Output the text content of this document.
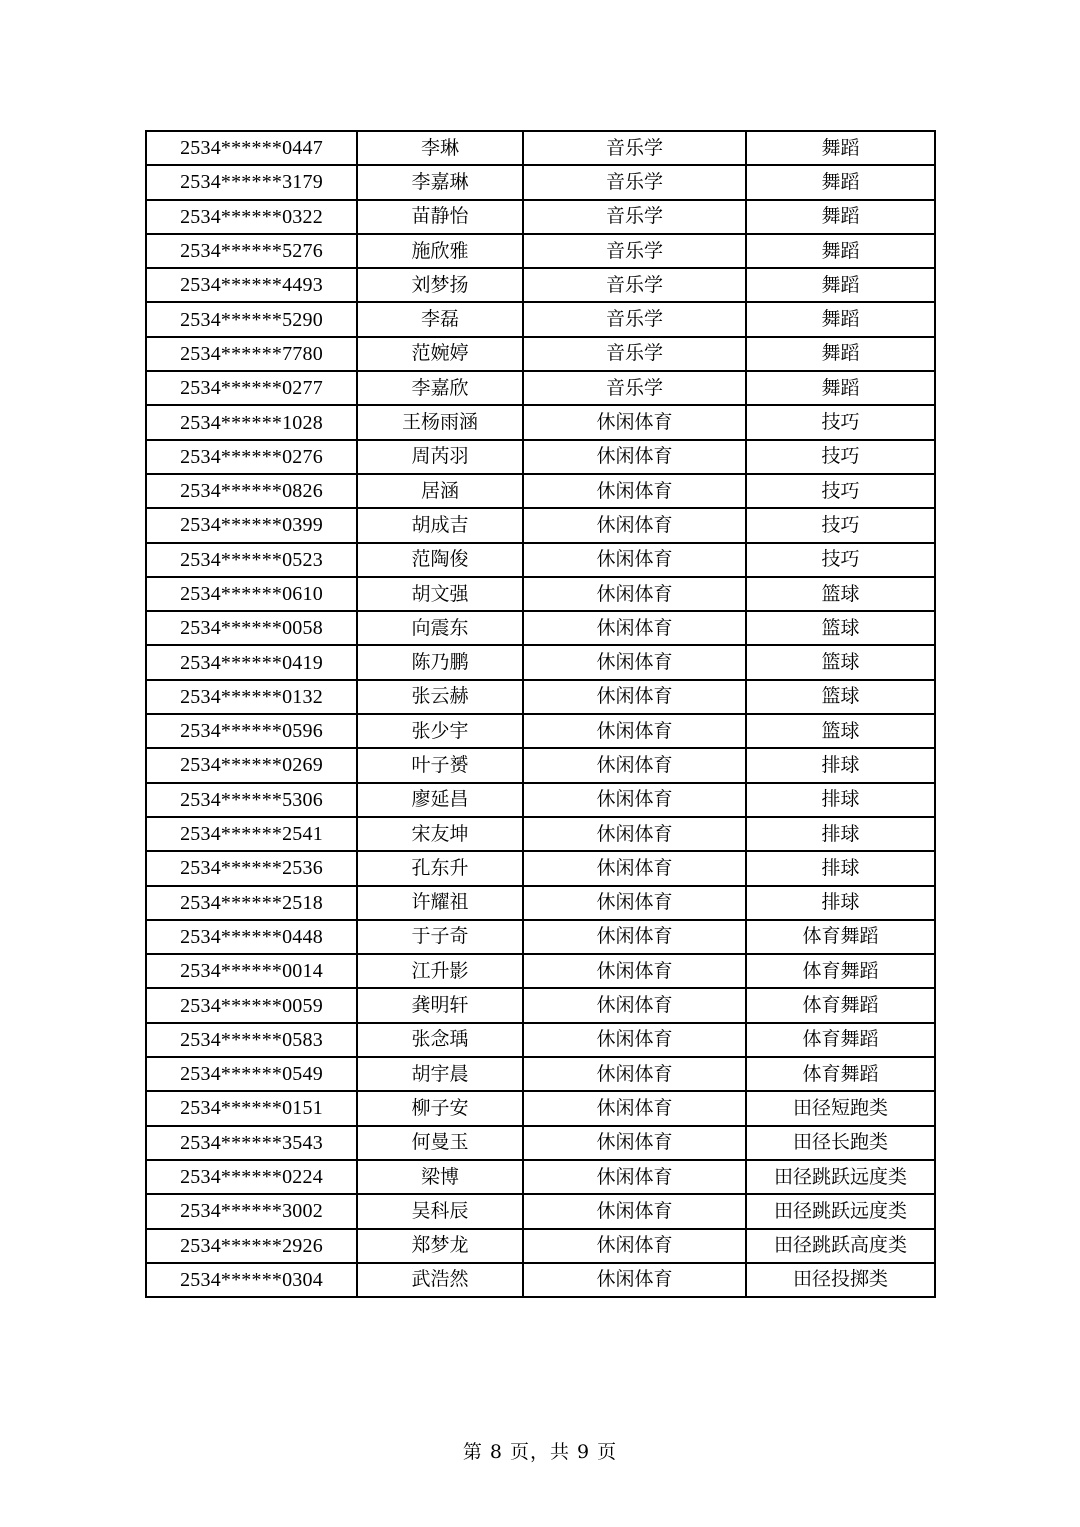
2534******0447	李琳	音乐学	舞蹈
2534******3179	李嘉琳	音乐学	舞蹈
2534******0322	苗静怡	音乐学	舞蹈
2534******5276	施欣雅	音乐学	舞蹈
2534******4493	刘梦扬	音乐学	舞蹈
2534******5290	李磊	音乐学	舞蹈
2534******7780	范婉婷	音乐学	舞蹈
2534******0277	李嘉欣	音乐学	舞蹈
2534******1028	王杨雨涵	休闲体育	技巧
2534******0276	周芮羽	休闲体育	技巧
2534******0826	居涵	休闲体育	技巧
2534******0399	胡成吉	休闲体育	技巧
2534******0523	范陶俊	休闲体育	技巧
2534******0610	胡文强	休闲体育	篮球
2534******0058	向震东	休闲体育	篮球
2534******0419	陈乃鹏	休闲体育	篮球
2534******0132	张云赫	休闲体育	篮球
2534******0596	张少宇	休闲体育	篮球
2534******0269	叶子赟	休闲体育	排球
2534******5306	廖延昌	休闲体育	排球
2534******2541	宋友坤	休闲体育	排球
2534******2536	孔东升	休闲体育	排球
2534******2518	许耀祖	休闲体育	排球
2534******0448	于子奇	休闲体育	体育舞蹈
2534******0014	江升影	休闲体育	体育舞蹈
2534******0059	龚明轩	休闲体育	体育舞蹈
2534******0583	张念瑀	休闲体育	体育舞蹈
2534******0549	胡宇晨	休闲体育	体育舞蹈
2534******0151	柳子安	休闲体育	田径短跑类
2534******3543	何曼玉	休闲体育	田径长跑类
2534******0224	梁博	休闲体育	田径跳跃远度类
2534******3002	吴科辰	休闲体育	田径跳跃远度类
2534******2926	郑梦龙	休闲体育	田径跳跃高度类
2534******0304	武浩然	休闲体育	田径投掷类
第 8 页，共 9 页
